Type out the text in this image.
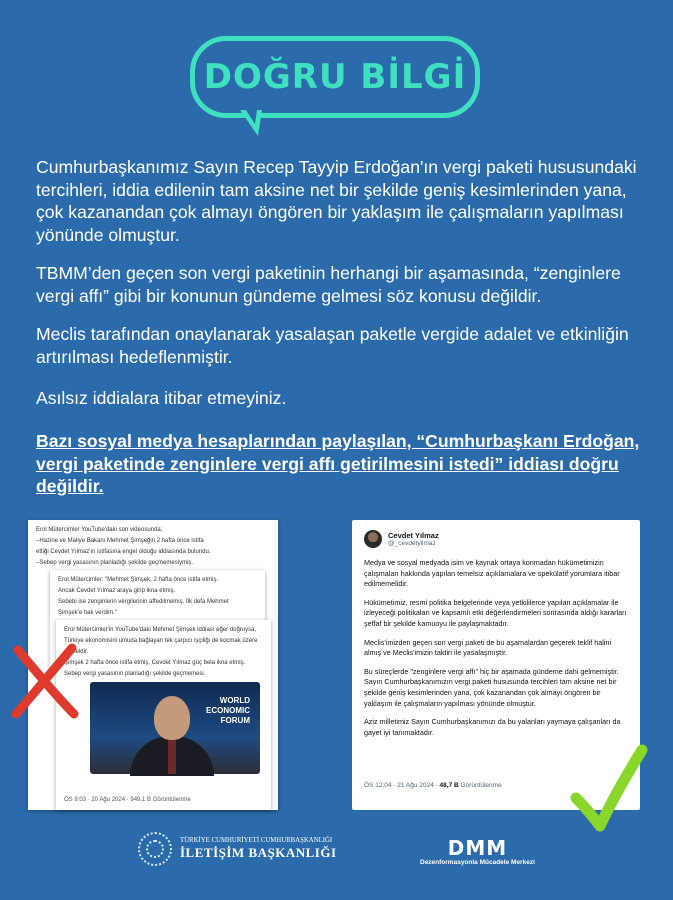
DOĞRU BİLGİ
Cumhurbaşkanımız Sayın Recep Tayyip Erdoğan'ın vergi paketi hususundaki tercihleri, iddia edilenin tam aksine net bir şekilde geniş kesimlerinden yana, çok kazanandan çok almayı öngören bir yaklaşım ile çalışmaların yapılması yönünde olmuştur.
TBMM’den geçen son vergi paketinin herhangi bir aşamasında, “zenginlere vergi affı” gibi bir konunun gündeme gelmesi söz konusu değildir.
Meclis tarafından onaylanarak yasalaşan paketle vergide adalet ve etkinliğin artırılması hedeflenmiştir.
Asılsız iddialara itibar etmeyiniz.
Bazı sosyal medya hesaplarından paylaşılan, “Cumhurbaşkanı Erdoğan, vergi paketinde zenginlere vergi affı getirilmesini istedi” iddiası doğru değildir.
Erol Mütercimler YouTube'daki son videosunda;
–Hazine ve Maliye Bakanı Mehmet Şimşeğin 2 hafta önce istifa
ettiği Cevdet Yılmaz'ın istifasına engel olduğu iddiasında bulundu.
–Sebep vergi yasasının planladığı şekilde geçmemesiymiş.
Erol Mütercimler: "Mehmet Şimşek, 2 hafta önce istifa etmiş.
Ancak Cevdet Yılmaz araya girip ikna etmiş.
Sebebi ise zenginlerin vergilerinin affedilmemiş. İlk defa Mehmet
Şimşek'e hak verdim."
Erol Mütercimler'in YouTube'daki Mehmet Şimşek iddiası eğer doğruysa,
Türkiye ekonomisini umuda bağlayan tek çarpıcı işçiliği de kocmak üzere
demektir.
Şimşek 2 hafta önce istifa etmiş. Cevdet Yılmaz güç bela ikna etmiş.
Sebep vergi yasasının planladığı şekilde geçmemesi.
WORLD ECONOMIC FORUM
ÖS 9:03 · 20 Ağu 2024 · 949,1 B Görüntülenme
Cevdet Yılmaz
@_cevdetyilmaz

Medya ve sosyal medyada isim ve kaynak ortaya konmadan hükümetimizin çalışmaları hakkında yapılan temelsiz açıklamalara ve spekülatif yorumlara itibar edilmemelidir.

Hükümetimiz, resmi politika belgelerinde veya yetkililerce yapılan açıklamalar ile izleyeceği politikaları ve kapsamlı etki değerlendirmeleri sonrasında aldığı kararları şeffaf bir şekilde kamuoyu ile paylaşmaktadır.

Meclis'imizden geçen son vergi paketi de bu aşamalardan geçerek teklif halini almış ve Meclis'imizin taktiri ile yasalaşmıştır.

Bu süreçlerde "zenginlere vergi affı" hiç bir aşamada gündeme dahi gelmemiştir. Sayın Cumhurbaşkanımızın vergi paketi hususunda tercihleri tam aksine net bir şekilde geniş kesimlerinden yana, çok kazanandan çok almayı öngören bir yaklaşım ile çalışmaların yapılması yönünde olmuştur.

Aziz milletimiz Sayın Cumhurbaşkanımızı da bu yalanları yaymaya çalışanları da gayet iyi tanımaktadır.

ÖS 12:04 · 21 Ağu 2024 · 48,7 B Görüntülenme
TÜRKİYE CUMHURİYETİ CUMHURBAŞKANLIĞI
İLETİŞİM BAŞKANLIĞI	DMM
Dezenformasyonla Mücadele Merkezi
